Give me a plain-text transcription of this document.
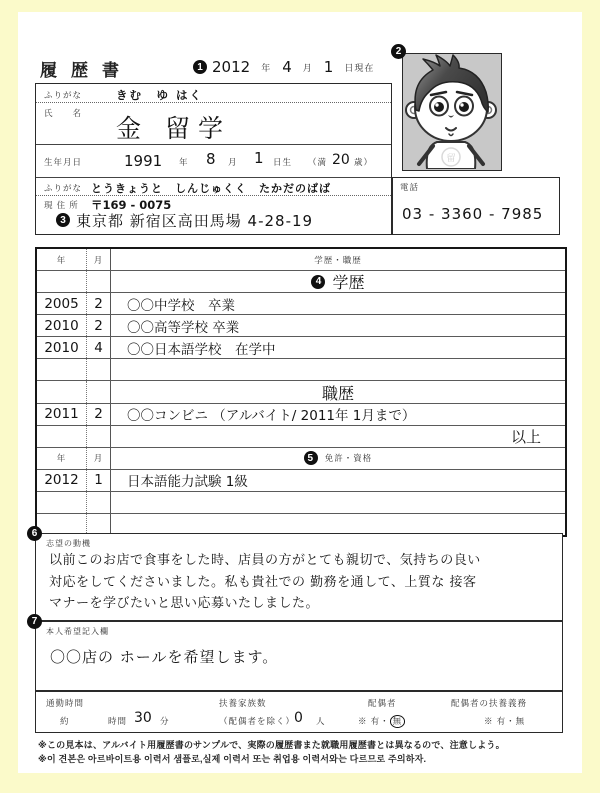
履歴書	1 2012 年 4 月 1 日現在
留
2
ふりがな	きむ　ゆ はく
氏　　名
金 留学
生年月日	1991 年 8 月 1 日生 （満 20 歳）
ふりがな とうきょうと　しんじゅくく　たかだのばば
現 住 所 〒169 - 0075
3 東京都 新宿区高田馬場 4-28-19
電話
03 - 3360 - 7985
年	月	学歴・職歴
4 学歴
2005	2	〇〇中学校　卒業
2010	2	〇〇高等学校 卒業
2010	4	〇〇日本語学校　在学中
職歴
2011	2	〇〇コンビニ （アルバイト/ 2011年 1月まで）
以上
年	月	5	免許・資格
2012	1	日本語能力試験 1級
志望の動機
以前このお店で食事をした時、店員の方がとても親切で、気持ちの良い
対応をしてくださいました。私も貴社での 勤務を通して、上質な 接客
マナーを学びたいと思い応募いたしました。
6
本人希望記入欄
〇〇店の ホールを希望します。
7
通勤時間
約	時間 30 分
扶養家族数
（配偶者を除く）
0 人
配偶者
※ 有・ 無
配偶者の扶養義務
※ 有・無
※この見本は、アルバイト用履歴書のサンプルで、実際の履歴書また就職用履歴書とは異なるので、注意しよう。
※이 견본은 아르바이트용 이력서 샘플로,실제 이력서 또는 취업용 이력서와는 다르므로 주의하자.
